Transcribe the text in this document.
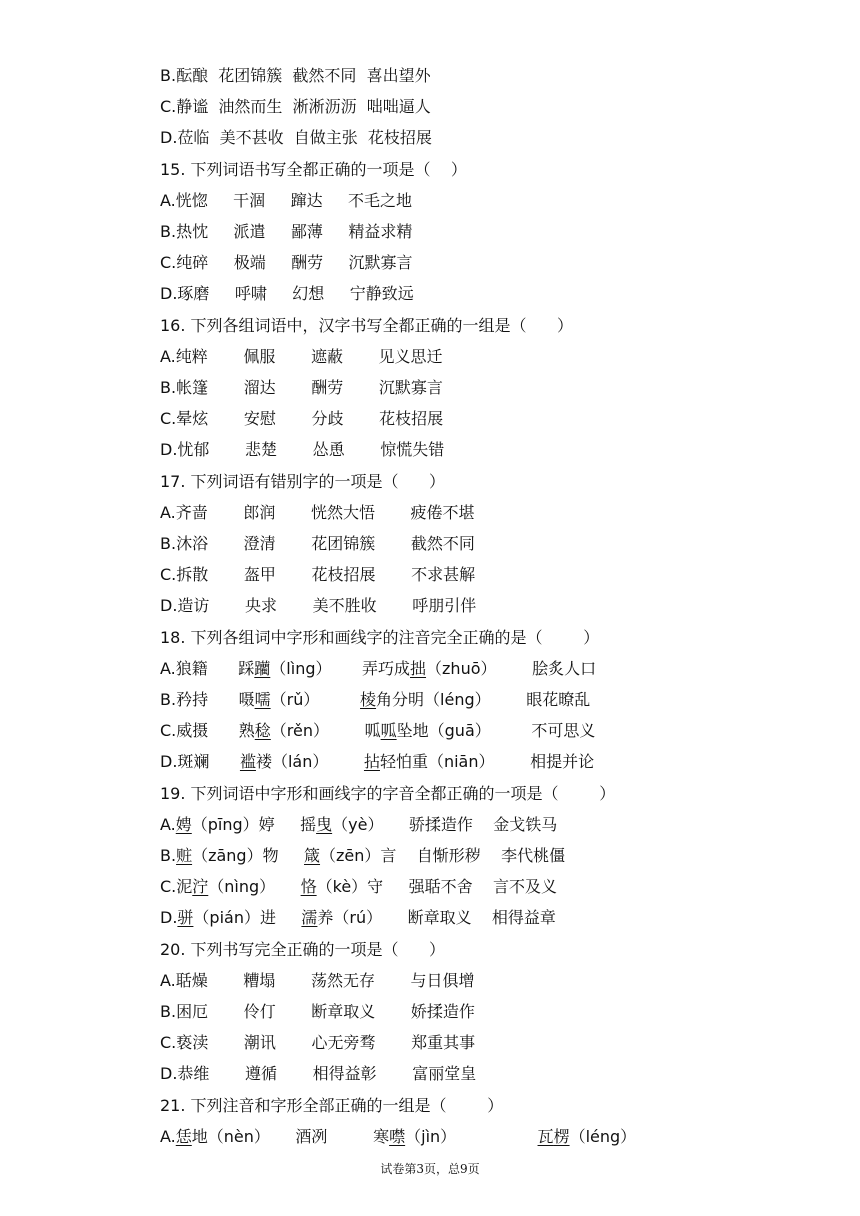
B.酝酿  花团锦簇  截然不同  喜出望外
C.静谧  油然而生  淅淅沥沥  咄咄逼人
D.莅临  美不甚收  自做主张  花枝招展
15. 下列词语书写全都正确的一项是（    ）
A.恍惚     干涸     蹿达     不毛之地
B.热忱     派遣     鄙薄     精益求精
C.纯碎     极端     酬劳     沉默寡言
D.琢磨     呼啸     幻想     宁静致远
16. 下列各组词语中，汉字书写全都正确的一组是（      ）
A.纯粹       佩服       遮蔽       见义思迁
B.帐篷       溜达       酬劳       沉默寡言
C.晕炫       安慰       分歧       花枝招展
D.忧郁       悲楚       怂恿       惊慌失错
17. 下列词语有错别字的一项是（      ）
A.齐啬       郎润       恍然大悟       疲倦不堪
B.沐浴       澄清       花团锦簇       截然不同
C.拆散       盔甲       花枝招展       不求甚解
D.造访       央求       美不胜收       呼朋引伴
18. 下列各组词中字形和画线字的注音完全正确的是（        ）
A.狼籍      踩躪（lìng）      弄巧成拙（zhuō）       脍炙人口
B.矜持      嗫嚅（rǔ）        棱角分明（léng）       眼花暸乱
C.威摄      熟稔（rěn）       呱呱坠地（guā）        不可思义
D.斑斓      褴褛（lán）       拈轻怕重（niān）       相提并论
19. 下列词语中字形和画线字的字音全都正确的一项是（        ）
A.娉（pīng）婷     摇曳（yè）     骄揉造作    金戈铁马
B.赃（zāng）物     箴（zēn）言    自惭形秽    李代桃僵
C.泥泞（nìng）     恪（kè）守     强聒不舍    言不及义
D.骈（pián）进     濡养（rú）     断章取义    相得益章
20. 下列书写完全正确的一项是（      ）
A.聒燥       糟塌       荡然无存       与日俱增
B.困厄       伶仃       断章取义       娇揉造作
C.亵渎       潮讯       心无旁骛       郑重其事
D.恭维       遵循       相得益彰       富丽堂皇
21. 下列注音和字形全部正确的一组是（        ）
A.恁地（nèn）     酒冽         寒噤（jìn）                瓦楞（léng）
试卷第3页，总9页
